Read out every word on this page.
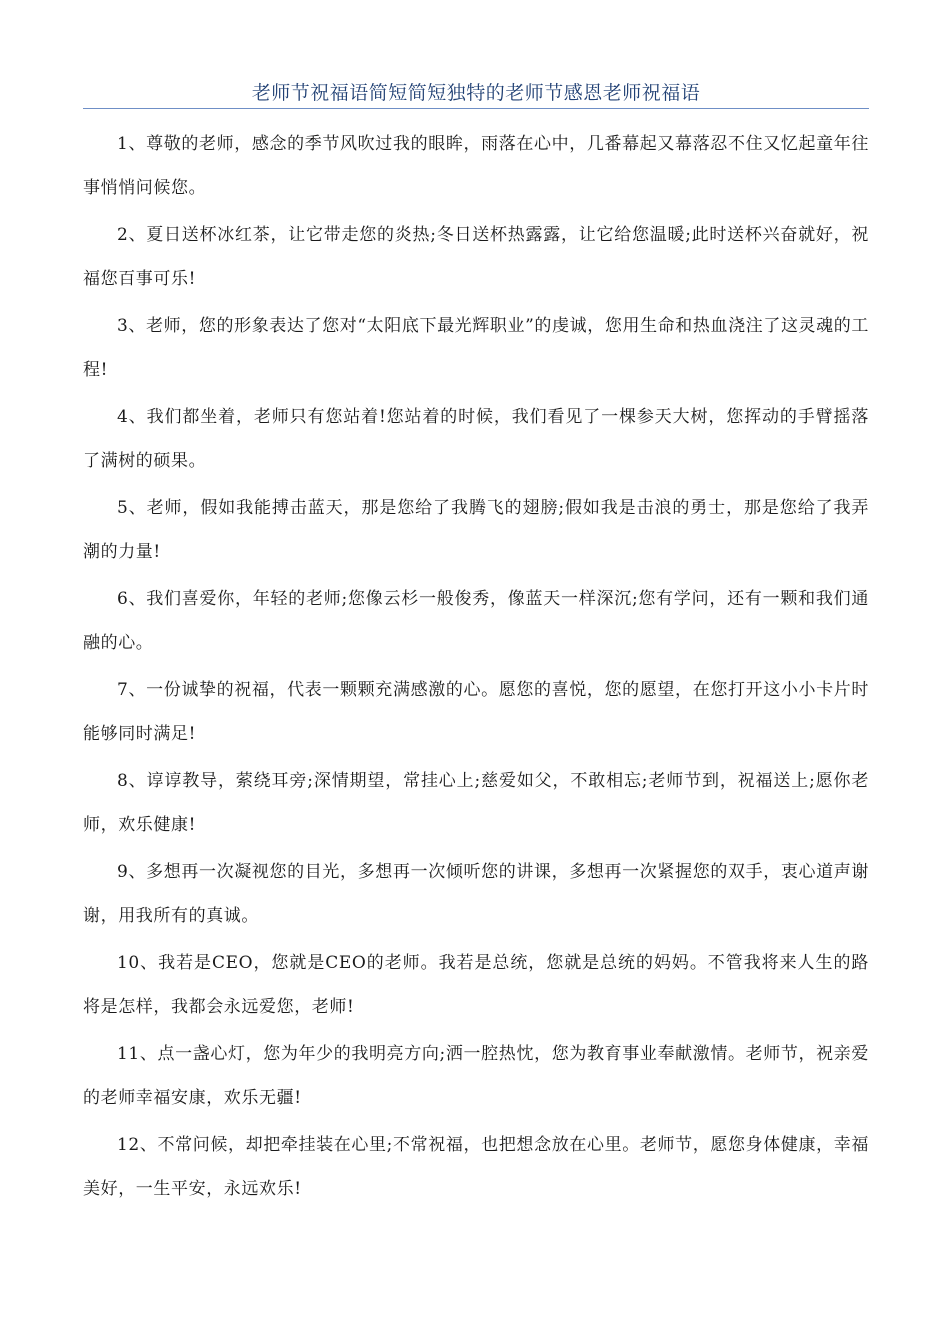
老师节祝福语简短简短独特的老师节感恩老师祝福语

1、尊敬的老师，感念的季节风吹过我的眼眸，雨落在心中，几番幕起又幕落忍不住又忆起童年往事悄悄问候您。

2、夏日送杯冰红茶，让它带走您的炎热;冬日送杯热露露，让它给您温暖;此时送杯兴奋就好，祝福您百事可乐!

3、老师，您的形象表达了您对“太阳底下最光辉职业”的虔诚，您用生命和热血浇注了这灵魂的工程!

4、我们都坐着，老师只有您站着!您站着的时候，我们看见了一棵参天大树，您挥动的手臂摇落了满树的硕果。

5、老师，假如我能搏击蓝天，那是您给了我腾飞的翅膀;假如我是击浪的勇士，那是您给了我弄潮的力量!

6、我们喜爱你，年轻的老师;您像云杉一般俊秀，像蓝天一样深沉;您有学问，还有一颗和我们通融的心。

7、一份诚挚的祝福，代表一颗颗充满感激的心。愿您的喜悦，您的愿望，在您打开这小小卡片时能够同时满足!

8、谆谆教导，萦绕耳旁;深情期望，常挂心上;慈爱如父，不敢相忘;老师节到，祝福送上;愿你老师，欢乐健康!

9、多想再一次凝视您的目光，多想再一次倾听您的讲课，多想再一次紧握您的双手，衷心道声谢谢，用我所有的真诚。

10、我若是CEO，您就是CEO的老师。我若是总统，您就是总统的妈妈。不管我将来人生的路将是怎样，我都会永远爱您，老师!

11、点一盏心灯，您为年少的我明亮方向;洒一腔热忱，您为教育事业奉献激情。老师节，祝亲爱的老师幸福安康，欢乐无疆!

12、不常问候，却把牵挂装在心里;不常祝福，也把想念放在心里。老师节，愿您身体健康，幸福美好，一生平安，永远欢乐!
